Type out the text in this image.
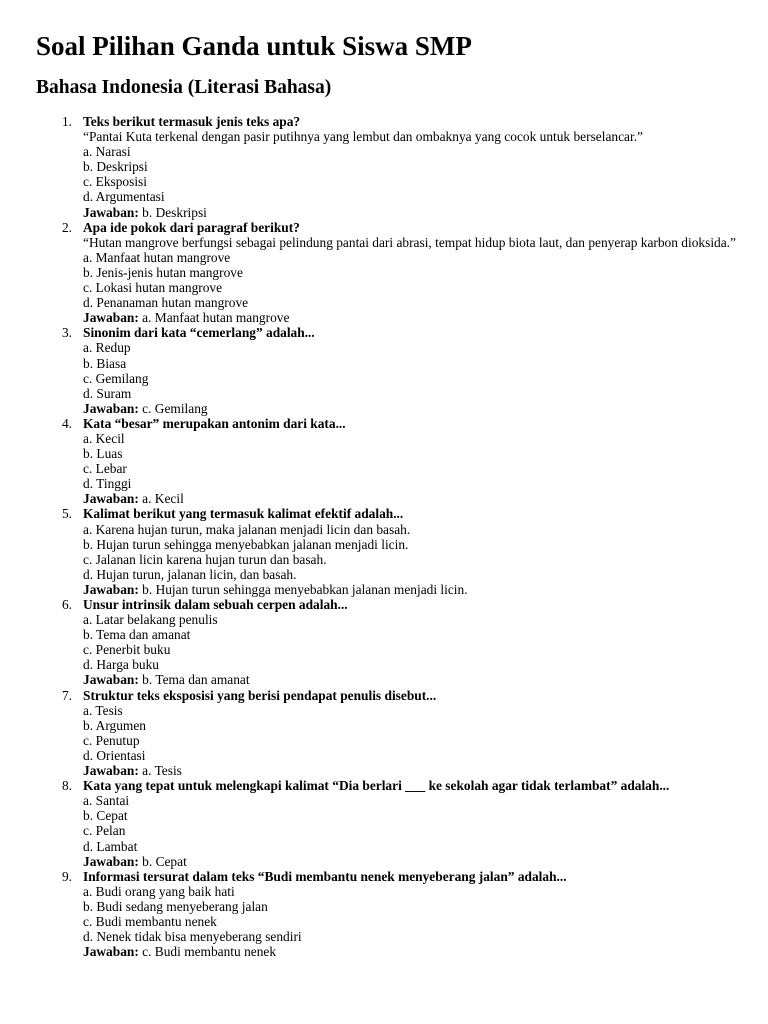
Soal Pilihan Ganda untuk Siswa SMP
Bahasa Indonesia (Literasi Bahasa)
1. Teks berikut termasuk jenis teks apa?
“Pantai Kuta terkenal dengan pasir putihnya yang lembut dan ombaknya yang cocok untuk berselancar.”
a. Narasi
b. Deskripsi
c. Eksposisi
d. Argumentasi
Jawaban: b. Deskripsi
2. Apa ide pokok dari paragraf berikut?
“Hutan mangrove berfungsi sebagai pelindung pantai dari abrasi, tempat hidup biota laut, dan penyerap karbon dioksida.”
a. Manfaat hutan mangrove
b. Jenis-jenis hutan mangrove
c. Lokasi hutan mangrove
d. Penanaman hutan mangrove
Jawaban: a. Manfaat hutan mangrove
3. Sinonim dari kata “cemerlang” adalah...
a. Redup
b. Biasa
c. Gemilang
d. Suram
Jawaban: c. Gemilang
4. Kata “besar” merupakan antonim dari kata...
a. Kecil
b. Luas
c. Lebar
d. Tinggi
Jawaban: a. Kecil
5. Kalimat berikut yang termasuk kalimat efektif adalah...
a. Karena hujan turun, maka jalanan menjadi licin dan basah.
b. Hujan turun sehingga menyebabkan jalanan menjadi licin.
c. Jalanan licin karena hujan turun dan basah.
d. Hujan turun, jalanan licin, dan basah.
Jawaban: b. Hujan turun sehingga menyebabkan jalanan menjadi licin.
6. Unsur intrinsik dalam sebuah cerpen adalah...
a. Latar belakang penulis
b. Tema dan amanat
c. Penerbit buku
d. Harga buku
Jawaban: b. Tema dan amanat
7. Struktur teks eksposisi yang berisi pendapat penulis disebut...
a. Tesis
b. Argumen
c. Penutup
d. Orientasi
Jawaban: a. Tesis
8. Kata yang tepat untuk melengkapi kalimat “Dia berlari ___ ke sekolah agar tidak terlambat” adalah...
a. Santai
b. Cepat
c. Pelan
d. Lambat
Jawaban: b. Cepat
9. Informasi tersurat dalam teks “Budi membantu nenek menyeberang jalan” adalah...
a. Budi orang yang baik hati
b. Budi sedang menyeberang jalan
c. Budi membantu nenek
d. Nenek tidak bisa menyeberang sendiri
Jawaban: c. Budi membantu nenek
